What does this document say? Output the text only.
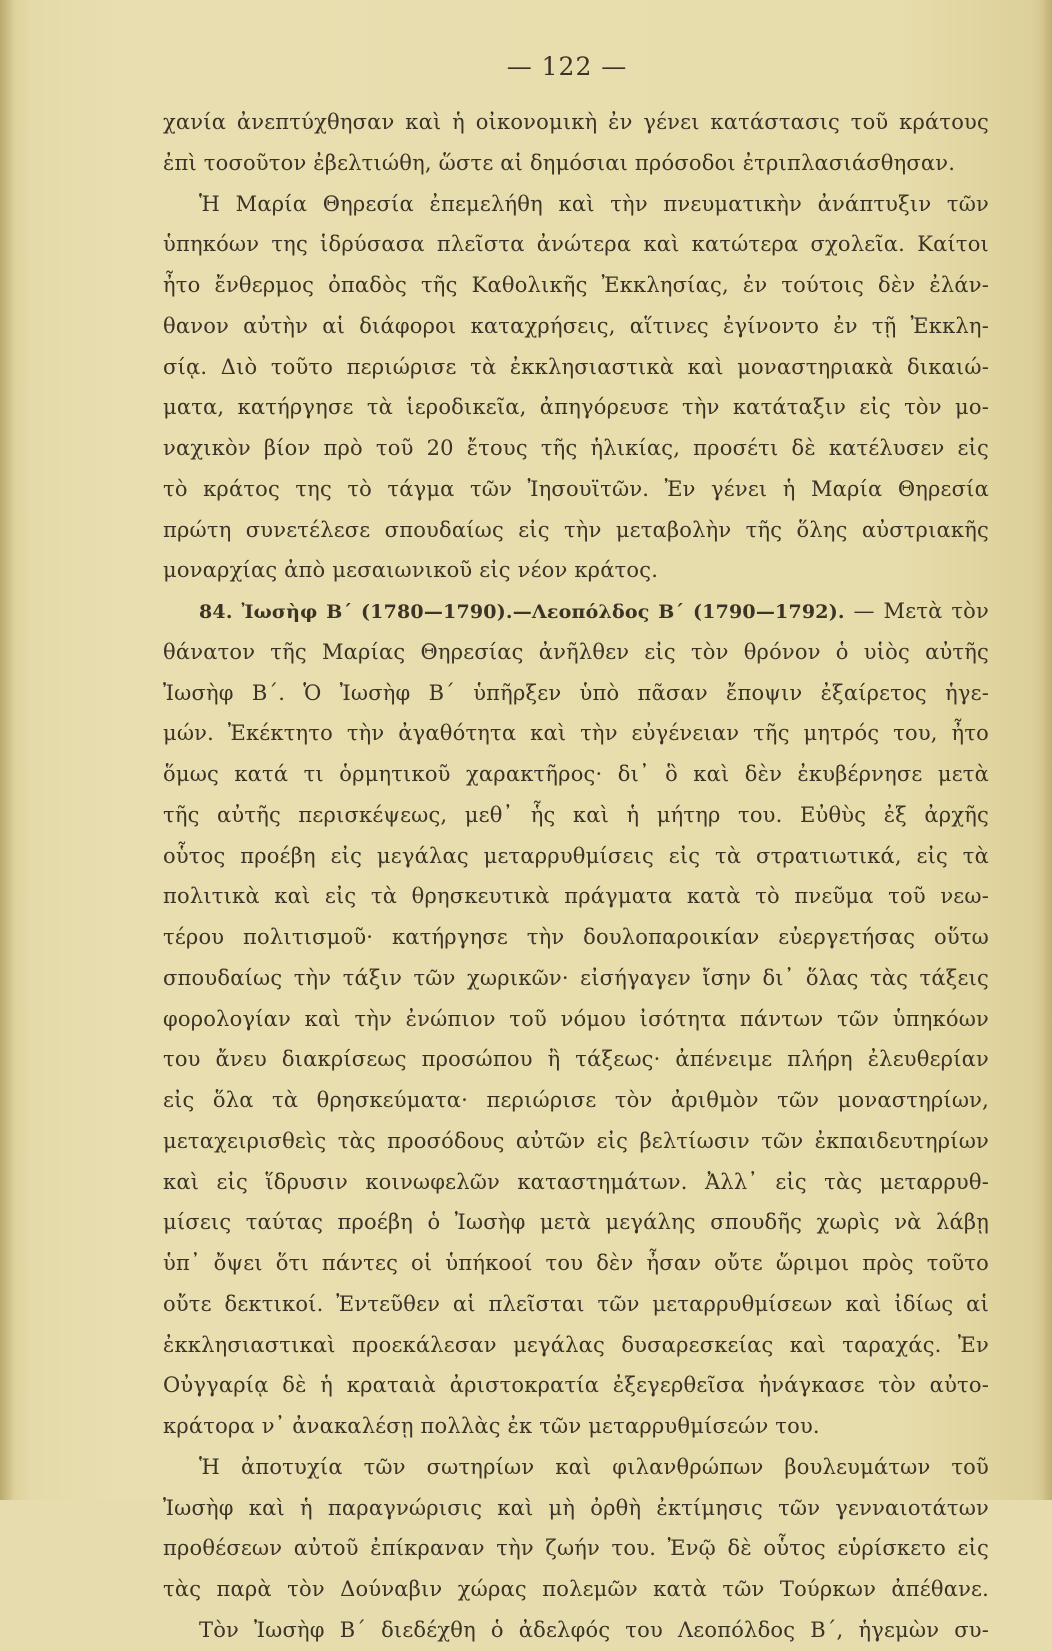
— 122 —
χανία ἀνεπτύχθησαν καὶ ἡ οἰκονομικὴ ἐν γένει κατάστασις τοῦ κράτους
ἐπὶ τοσοῦτον ἐβελτιώθη, ὥστε αἱ δημόσιαι πρόσοδοι ἐτριπλασιάσθησαν.
Ἡ Μαρία Θηρεσία ἐπεμελήθη καὶ τὴν πνευματικὴν ἀνάπτυξιν τῶν
ὑπηκόων της ἱδρύσασα πλεῖστα ἀνώτερα καὶ κατώτερα σχολεῖα. Καίτοι
ἦτο ἔνθερμος ὀπαδὸς τῆς Καθολικῆς Ἐκκλησίας, ἐν τούτοις δὲν ἐλάν-
θανον αὐτὴν αἱ διάφοροι καταχρήσεις, αἵτινες ἐγίνοντο ἐν τῇ Ἐκκλη-
σίᾳ. Διὸ τοῦτο περιώρισε τὰ ἐκκλησιαστικὰ καὶ μοναστηριακὰ δικαιώ-
ματα, κατήργησε τὰ ἱεροδικεῖα, ἀπηγόρευσε τὴν κατάταξιν εἰς τὸν μο-
ναχικὸν βίον πρὸ τοῦ 20 ἔτους τῆς ἡλικίας, προσέτι δὲ κατέλυσεν εἰς
τὸ κράτος της τὸ τάγμα τῶν Ἰησουϊτῶν. Ἐν γένει ἡ Μαρία Θηρεσία
πρώτη συνετέλεσε σπουδαίως εἰς τὴν μεταβολὴν τῆς ὅλης αὐστριακῆς
μοναρχίας ἀπὸ μεσαιωνικοῦ εἰς νέον κράτος.
84. Ἰωσὴφ Β΄ (1780—1790).—Λεοπόλδος Β΄ (1790—1792). — Μετὰ τὸν
θάνατον τῆς Μαρίας Θηρεσίας ἀνῆλθεν εἰς τὸν θρόνον ὁ υἱὸς αὐτῆς
Ἰωσὴφ Β΄. Ὁ Ἰωσὴφ Β΄ ὑπῆρξεν ὑπὸ πᾶσαν ἔποψιν ἐξαίρετος ἡγε-
μών. Ἐκέκτητο τὴν ἀγαθότητα καὶ τὴν εὐγένειαν τῆς μητρός του, ἦτο
ὅμως κατά τι ὁρμητικοῦ χαρακτῆρος· δι᾽ ὃ καὶ δὲν ἐκυβέρνησε μετὰ
τῆς αὐτῆς περισκέψεως, μεθ᾽ ἧς καὶ ἡ μήτηρ του. Εὐθὺς ἐξ ἀρχῆς
οὗτος προέβη εἰς μεγάλας μεταρρυθμίσεις εἰς τὰ στρατιωτικά, εἰς τὰ
πολιτικὰ καὶ εἰς τὰ θρησκευτικὰ πράγματα κατὰ τὸ πνεῦμα τοῦ νεω-
τέρου πολιτισμοῦ· κατήργησε τὴν δουλοπαροικίαν εὐεργετήσας οὕτω
σπουδαίως τὴν τάξιν τῶν χωρικῶν· εἰσήγαγεν ἴσην δι᾽ ὅλας τὰς τάξεις
φορολογίαν καὶ τὴν ἐνώπιον τοῦ νόμου ἰσότητα πάντων τῶν ὑπηκόων
του ἄνευ διακρίσεως προσώπου ἢ τάξεως· ἀπένειμε πλήρη ἐλευθερίαν
εἰς ὅλα τὰ θρησκεύματα· περιώρισε τὸν ἀριθμὸν τῶν μοναστηρίων,
μεταχειρισθεὶς τὰς προσόδους αὐτῶν εἰς βελτίωσιν τῶν ἐκπαιδευτηρίων
καὶ εἰς ἵδρυσιν κοινωφελῶν καταστημάτων. Ἀλλ᾽ εἰς τὰς μεταρρυθ-
μίσεις ταύτας προέβη ὁ Ἰωσὴφ μετὰ μεγάλης σπουδῆς χωρὶς νὰ λάβῃ
ὑπ᾽ ὄψει ὅτι πάντες οἱ ὑπήκοοί του δὲν ἦσαν οὔτε ὥριμοι πρὸς τοῦτο
οὔτε δεκτικοί. Ἐντεῦθεν αἱ πλεῖσται τῶν μεταρρυθμίσεων καὶ ἰδίως αἱ
ἐκκλησιαστικαὶ προεκάλεσαν μεγάλας δυσαρεσκείας καὶ ταραχάς. Ἐν
Οὐγγαρίᾳ δὲ ἡ κραταιὰ ἀριστοκρατία ἐξεγερθεῖσα ἠνάγκασε τὸν αὐτο-
κράτορα ν᾽ ἀνακαλέσῃ πολλὰς ἐκ τῶν μεταρρυθμίσεών του.
Ἡ ἀποτυχία τῶν σωτηρίων καὶ φιλανθρώπων βουλευμάτων τοῦ
Ἰωσὴφ καὶ ἡ παραγνώρισις καὶ μὴ ὀρθὴ ἐκτίμησις τῶν γενναιοτάτων
προθέσεων αὐτοῦ ἐπίκραναν τὴν ζωήν του. Ἐνῷ δὲ οὗτος εὑρίσκετο εἰς
τὰς παρὰ τὸν Δούναβιν χώρας πολεμῶν κατὰ τῶν Τούρκων ἀπέθανε.
Τὸν Ἰωσὴφ Β΄ διεδέχθη ὁ ἀδελφός του Λεοπόλδος Β΄, ἡγεμὼν συ-
